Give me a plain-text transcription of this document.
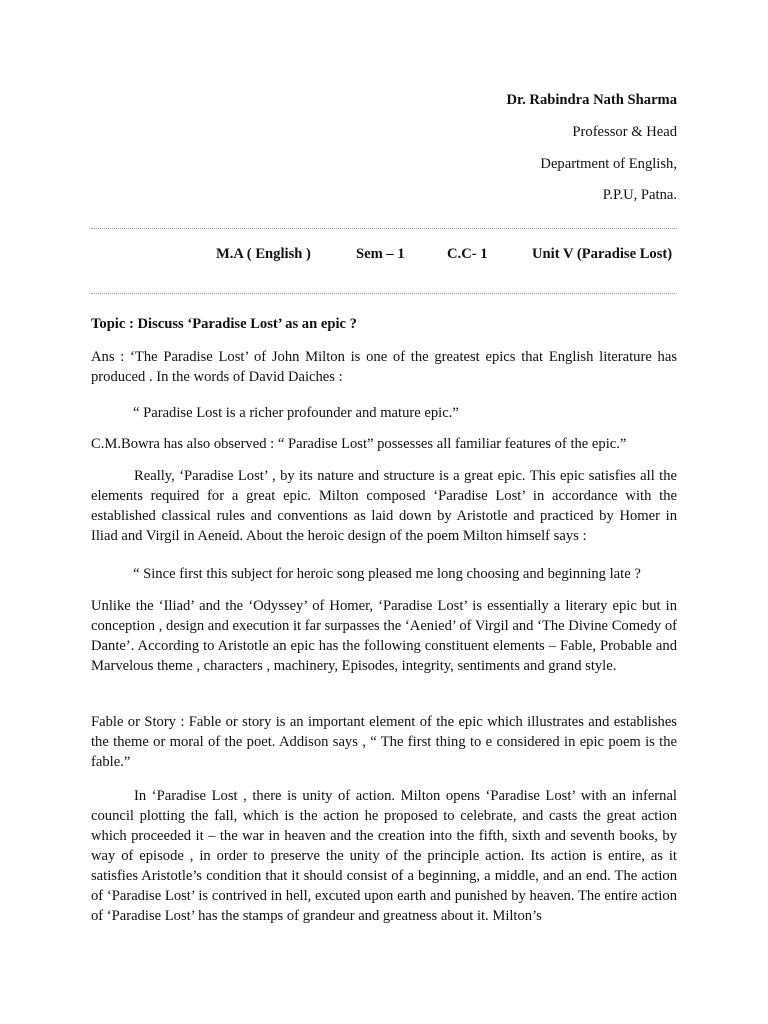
Dr. Rabindra Nath Sharma
Professor & Head
Department of English,
P.P.U, Patna.
M.A ( English )	Sem – 1	C.C- 1	Unit V (Paradise Lost)
Topic : Discuss ‘Paradise Lost’ as an epic ?
Ans : ‘The Paradise Lost’ of John Milton is one of the greatest epics that English literature has produced . In the words of David Daiches :
“ Paradise Lost is a richer profounder and mature epic.”
C.M.Bowra has also observed : “ Paradise Lost” possesses all familiar features of the epic.”
Really, ‘Paradise Lost’ , by its nature and structure is a great epic. This epic satisfies all the elements required for a great epic. Milton composed ‘Paradise Lost’ in accordance with the established classical rules and conventions as laid down by Aristotle and practiced by Homer in Iliad and Virgil in Aeneid. About the heroic design of the poem Milton himself says :
“ Since first this subject for heroic song pleased me long choosing and beginning late ?
Unlike the ‘Iliad’ and the ‘Odyssey’ of Homer, ‘Paradise Lost’ is essentially a literary epic but in conception , design and execution it far surpasses the ‘Aenied’ of Virgil and ‘The Divine Comedy of Dante’. According to Aristotle an epic has the following constituent elements – Fable, Probable and Marvelous theme , characters , machinery, Episodes, integrity, sentiments and grand style.
Fable or Story : Fable or story is an important element of the epic which illustrates and establishes the theme or moral of the poet. Addison says , “ The first thing to e considered in epic poem is the fable.”
In ‘Paradise Lost , there is unity of action. Milton opens ‘Paradise Lost’ with an infernal council plotting the fall, which is the action he proposed to celebrate, and casts the great action which proceeded it – the war in heaven and the creation into the fifth, sixth and seventh books, by way of episode , in order to preserve the unity of the principle action. Its action is entire, as it satisfies Aristotle’s condition that it should consist of a beginning, a middle, and an end. The action of ‘Paradise Lost’ is contrived in hell, excuted upon earth and punished by heaven. The entire action of ‘Paradise Lost’ has the stamps of grandeur and greatness about it. Milton’s
